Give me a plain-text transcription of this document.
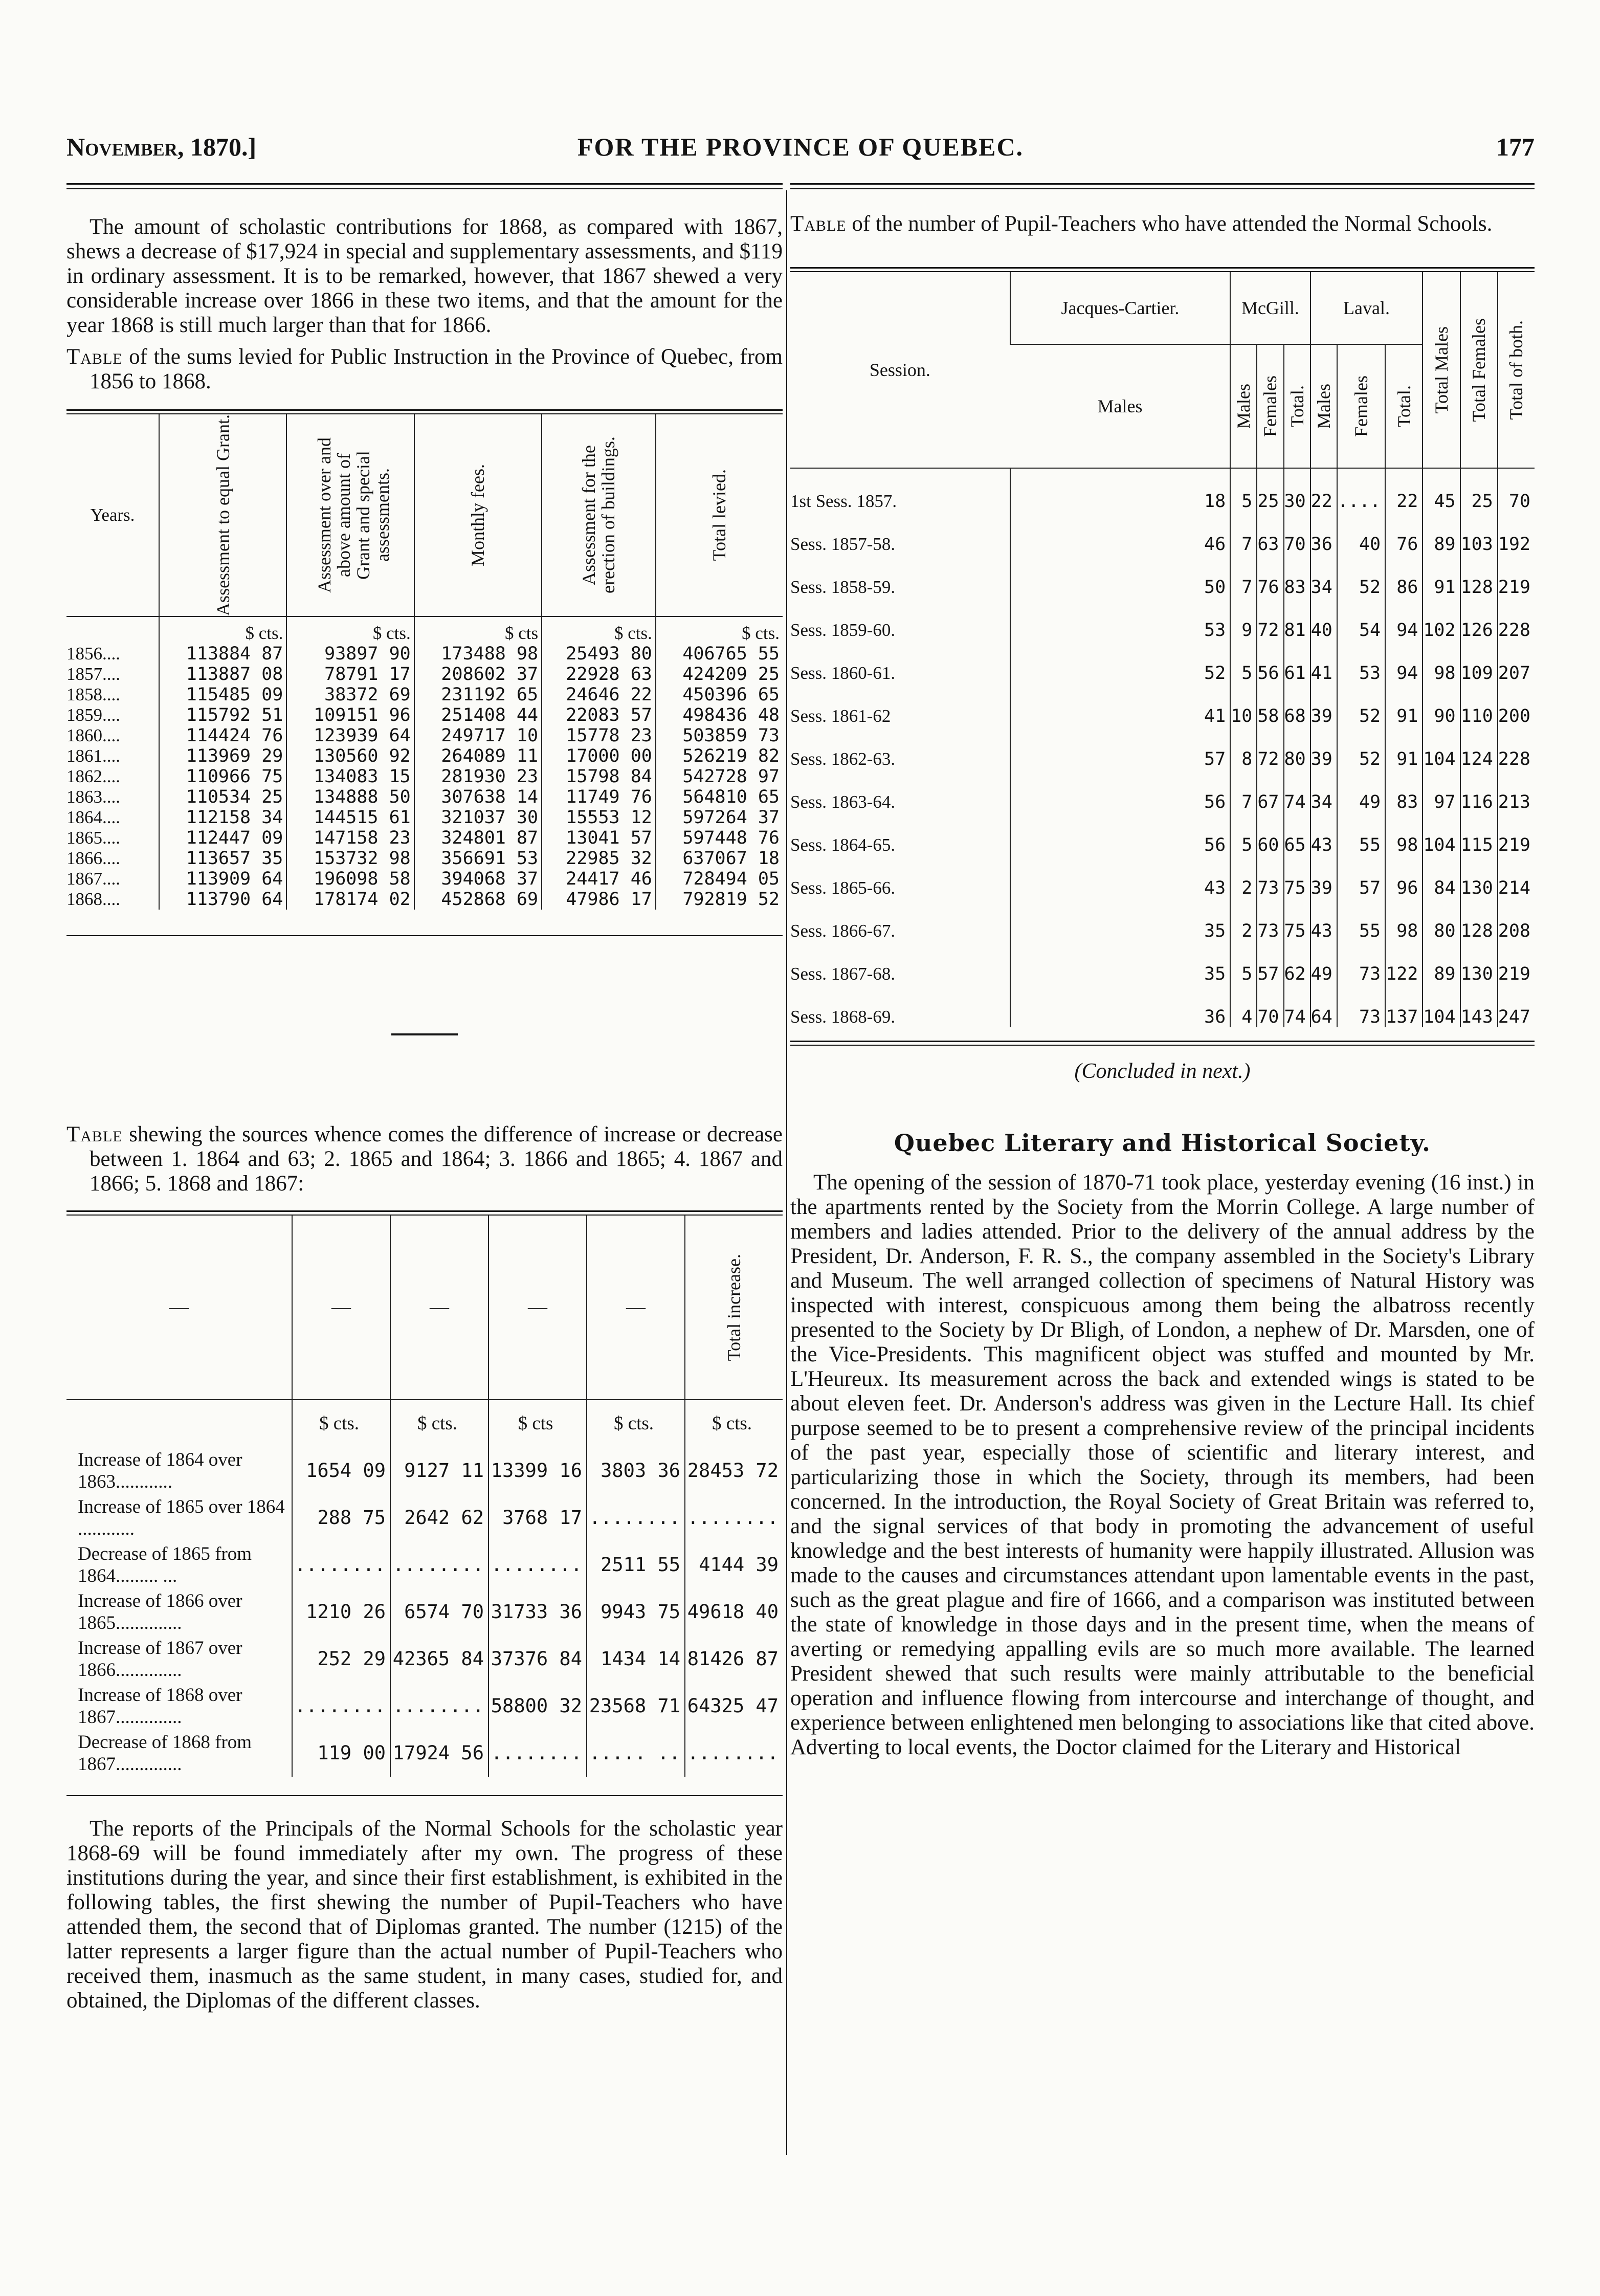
November, 1870.]	FOR THE PROVINCE OF QUEBEC.	177

The amount of scholastic contributions for 1868, as compared with 1867, shews a decrease of $17,924 in special and supplementary assessments, and $119 in ordinary assessment. It is to be remarked, however, that 1867 shewed a very considerable increase over 1866 in these two items, and that the amount for the year 1868 is still much larger than that for 1866.

Table of the sums levied for Public Instruction in the Province of Quebec, from 1856 to 1868.
Years.	Assessment to equal Grant.	Assessment over and above amount of Grant and special assessments.	Monthly fees.	Assessment for the erection of buildings.	Total levied.

	$ cts.	$ cts.	$ cts	$ cts.	$ cts.
1856....	113884 87	93897 90	173488 98	25493 80	406765 55
1857....	113887 08	78791 17	208602 37	22928 63	424209 25
1858....	115485 09	38372 69	231192 65	24646 22	450396 65
1859....	115792 51	109151 96	251408 44	22083 57	498436 48
1860....	114424 76	123939 64	249717 10	15778 23	503859 73
1861....	113969 29	130560 92	264089 11	17000 00	526219 82
1862....	110966 75	134083 15	281930 23	15798 84	542728 97
1863....	110534 25	134888 50	307638 14	11749 76	564810 65
1864....	112158 34	144515 61	321037 30	15553 12	597264 37
1865....	112447 09	147158 23	324801 87	13041 57	597448 76
1866....	113657 35	153732 98	356691 53	22985 32	637067 18
1867....	113909 64	196098 58	394068 37	24417 46	728494 05
1868....	113790 64	178174 02	452868 69	47986 17	792819 52
Table shewing the sources whence comes the difference of increase or decrease between 1. 1864 and 63; 2. 1865 and 1864; 3. 1866 and 1865; 4. 1867 and 1866; 5. 1868 and 1867:
—	—	—	—	—	Total increase.

	$ cts.	$ cts.	$ cts	$ cts.	$ cts.
Increase of 1864 over 1863............	1654 09	9127 11	13399 16	3803 36	28453 72
Increase of 1865 over 1864 ............	288 75	2642 62	3768 17	........	........
Decrease of 1865 from 1864......... ...	........	........	........	2511 55	4144 39
Increase of 1866 over 1865..............	1210 26	6574 70	31733 36	9943 75	49618 40
Increase of 1867 over 1866..............	252 29	42365 84	37376 84	1434 14	81426 87
Increase of 1868 over 1867..............	........	........	58800 32	23568 71	64325 47
Decrease of 1868 from 1867..............	119 00	17924 56	........	..... ..	........

The reports of the Principals of the Normal Schools for the scholastic year 1868-69 will be found immediately after my own. The progress of these institutions during the year, and since their first establishment, is exhibited in the following tables, the first shewing the number of Pupil-Teachers who have attended them, the second that of Diplomas granted. The number (1215) of the latter represents a larger figure than the actual number of Pupil-Teachers who received them, inasmuch as the same student, in many cases, studied for, and obtained, the Diplomas of the different classes.

Table of the number of Pupil-Teachers who have attended the Normal Schools.
Session.	Jacques-Cartier.	McGill.			Laval.			Total Males	Total Females	Total of both.

	Males	Males	Females	Total.	Males	Females	Total.			

1st Sess. 1857.	18	5	25	30	22	....	22	45	25	70
Sess. 1857-58.	46	7	63	70	36	40	76	89	103	192
Sess. 1858-59.	50	7	76	83	34	52	86	91	128	219
Sess. 1859-60.	53	9	72	81	40	54	94	102	126	228
Sess. 1860-61.	52	5	56	61	41	53	94	98	109	207
Sess. 1861-62	41	10	58	68	39	52	91	90	110	200
Sess. 1862-63.	57	8	72	80	39	52	91	104	124	228
Sess. 1863-64.	56	7	67	74	34	49	83	97	116	213
Sess. 1864-65.	56	5	60	65	43	55	98	104	115	219
Sess. 1865-66.	43	2	73	75	39	57	96	84	130	214
Sess. 1866-67.	35	2	73	75	43	55	98	80	128	208
Sess. 1867-68.	35	5	57	62	49	73	122	89	130	219
Sess. 1868-69.	36	4	70	74	64	73	137	104	143	247

(Concluded in next.)

Quebec Literary and Historical Society.

The opening of the session of 1870-71 took place, yesterday evening (16 inst.) in the apartments rented by the Society from the Morrin College. A large number of members and ladies attended. Prior to the delivery of the annual address by the President, Dr. Anderson, F. R. S., the company assembled in the Society's Library and Museum. The well arranged collection of specimens of Natural History was inspected with interest, conspicuous among them being the albatross recently presented to the Society by Dr Bligh, of London, a nephew of Dr. Marsden, one of the Vice-Presidents. This magnificent object was stuffed and mounted by Mr. L'Heureux. Its measurement across the back and extended wings is stated to be about eleven feet. Dr. Anderson's address was given in the Lecture Hall. Its chief purpose seemed to be to present a comprehensive review of the principal incidents of the past year, especially those of scientific and literary interest, and particularizing those in which the Society, through its members, had been concerned. In the introduction, the Royal Society of Great Britain was referred to, and the signal services of that body in promoting the advancement of useful knowledge and the best interests of humanity were happily illustrated. Allusion was made to the causes and circumstances attendant upon lamentable events in the past, such as the great plague and fire of 1666, and a comparison was instituted between the state of knowledge in those days and in the present time, when the means of averting or remedying appalling evils are so much more available. The learned President shewed that such results were mainly attributable to the beneficial operation and influence flowing from intercourse and interchange of thought, and experience between enlightened men belonging to associations like that cited above. Adverting to local events, the Doctor claimed for the Literary and Historical
